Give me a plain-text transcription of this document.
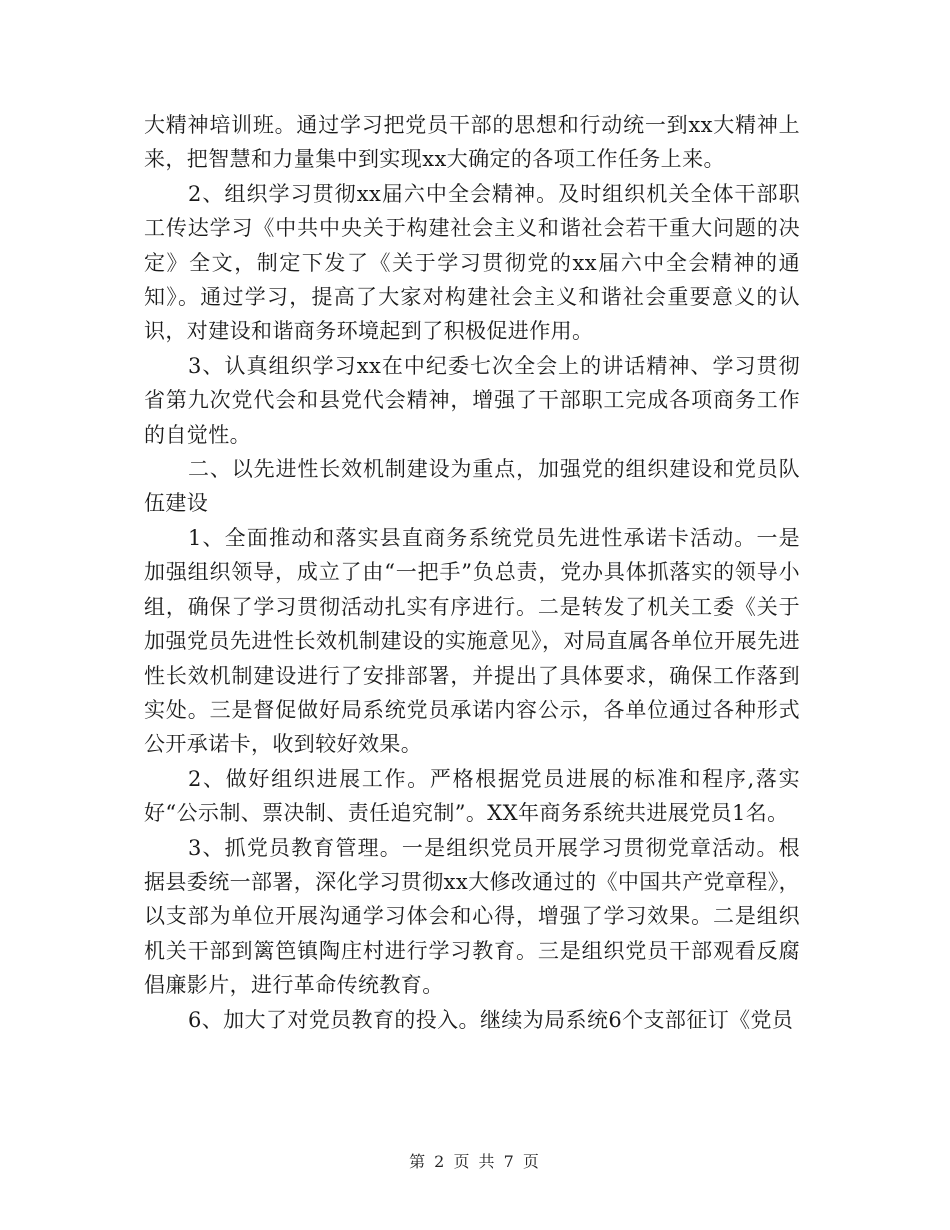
大精神培训班。通过学习把党员干部的思想和行动统一到xx大精神上来，把智慧和力量集中到实现xx大确定的各项工作任务上来。

2、组织学习贯彻xx届六中全会精神。及时组织机关全体干部职工传达学习《中共中央关于构建社会主义和谐社会若干重大问题的决定》全文，制定下发了《关于学习贯彻党的xx届六中全会精神的通知》。通过学习，提高了大家对构建社会主义和谐社会重要意义的认识，对建设和谐商务环境起到了积极促进作用。

3、认真组织学习xx在中纪委七次全会上的讲话精神、学习贯彻省第九次党代会和县党代会精神，增强了干部职工完成各项商务工作的自觉性。

二、以先进性长效机制建设为重点，加强党的组织建设和党员队伍建设

1、全面推动和落实县直商务系统党员先进性承诺卡活动。一是加强组织领导，成立了由“一把手”负总责，党办具体抓落实的领导小组，确保了学习贯彻活动扎实有序进行。二是转发了机关工委《关于加强党员先进性长效机制建设的实施意见》，对局直属各单位开展先进性长效机制建设进行了安排部署，并提出了具体要求，确保工作落到实处。三是督促做好局系统党员承诺内容公示，各单位通过各种形式公开承诺卡，收到较好效果。

2、做好组织进展工作。严格根据党员进展的标准和程序,落实好“公示制、票决制、责任追究制”。XX年商务系统共进展党员1名。

3、抓党员教育管理。一是组织党员开展学习贯彻党章活动。根据县委统一部署，深化学习贯彻xx大修改通过的《中国共产党章程》，以支部为单位开展沟通学习体会和心得，增强了学习效果。二是组织机关干部到篱笆镇陶庄村进行学习教育。三是组织党员干部观看反腐倡廉影片，进行革命传统教育。

6、加大了对党员教育的投入。继续为局系统6个支部征订《党员

第 2 页 共 7 页
